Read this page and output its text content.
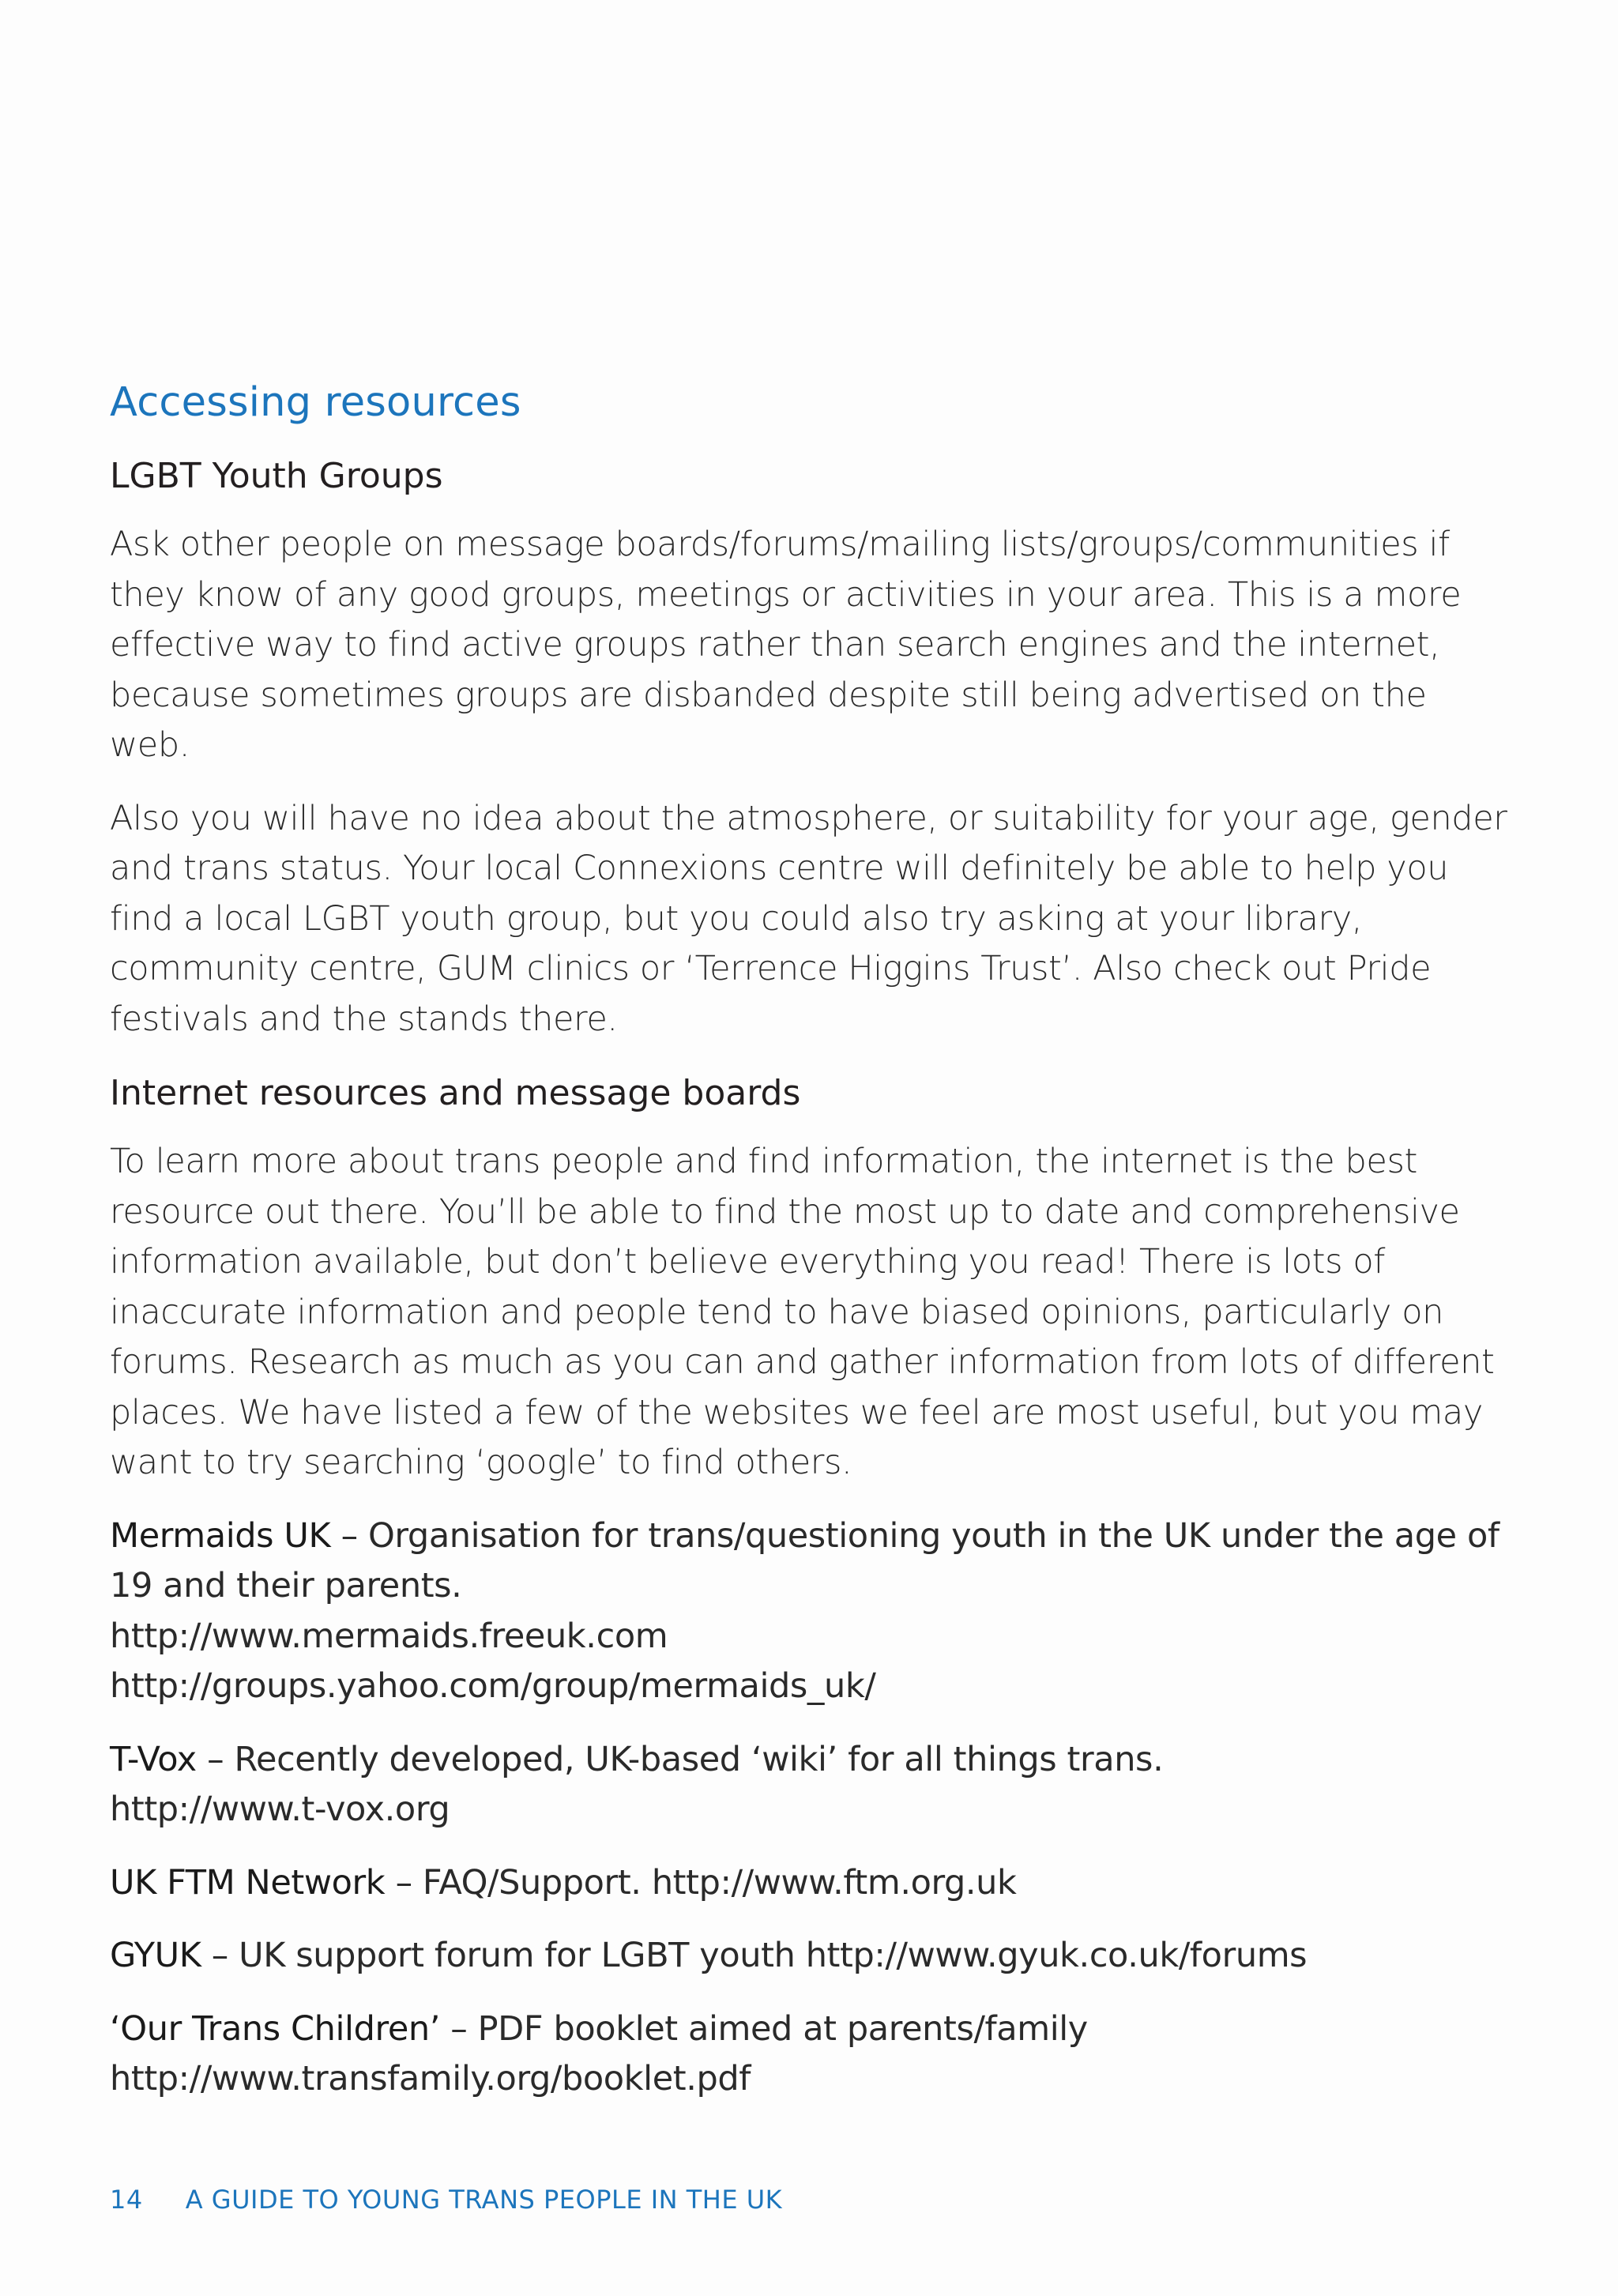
Accessing resources
LGBT Youth Groups

Ask other people on message boards/forums/mailing lists/groups/communities if they know of any good groups, meetings or activities in your area. This is a more effective way to find active groups rather than search engines and the internet, because sometimes groups are disbanded despite still being advertised on the web.

Also you will have no idea about the atmosphere, or suitability for your age, gender and trans status. Your local Connexions centre will definitely be able to help you find a local LGBT youth group, but you could also try asking at your library, community centre, GUM clinics or ‘Terrence Higgins Trust’. Also check out Pride festivals and the stands there.

Internet resources and message boards

To learn more about trans people and find information, the internet is the best resource out there. You’ll be able to find the most up to date and comprehensive information available, but don’t believe everything you read! There is lots of inaccurate information and people tend to have biased opinions, particularly on forums. Research as much as you can and gather information from lots of different places. We have listed a few of the websites we feel are most useful, but you may want to try searching ‘google’ to find others.

Mermaids UK – Organisation for trans/questioning youth in the UK under the age of 19 and their parents.
http://www.mermaids.freeuk.com
http://groups.yahoo.com/group/mermaids_uk/
T-Vox – Recently developed, UK-based ‘wiki’ for all things trans.
http://www.t-vox.org
UK FTM Network – FAQ/Support. http://www.ftm.org.uk
GYUK – UK support forum for LGBT youth http://www.gyuk.co.uk/forums
‘Our Trans Children’ – PDF booklet aimed at parents/family
http://www.transfamily.org/booklet.pdf
14 A GUIDE TO YOUNG TRANS PEOPLE IN THE UK
